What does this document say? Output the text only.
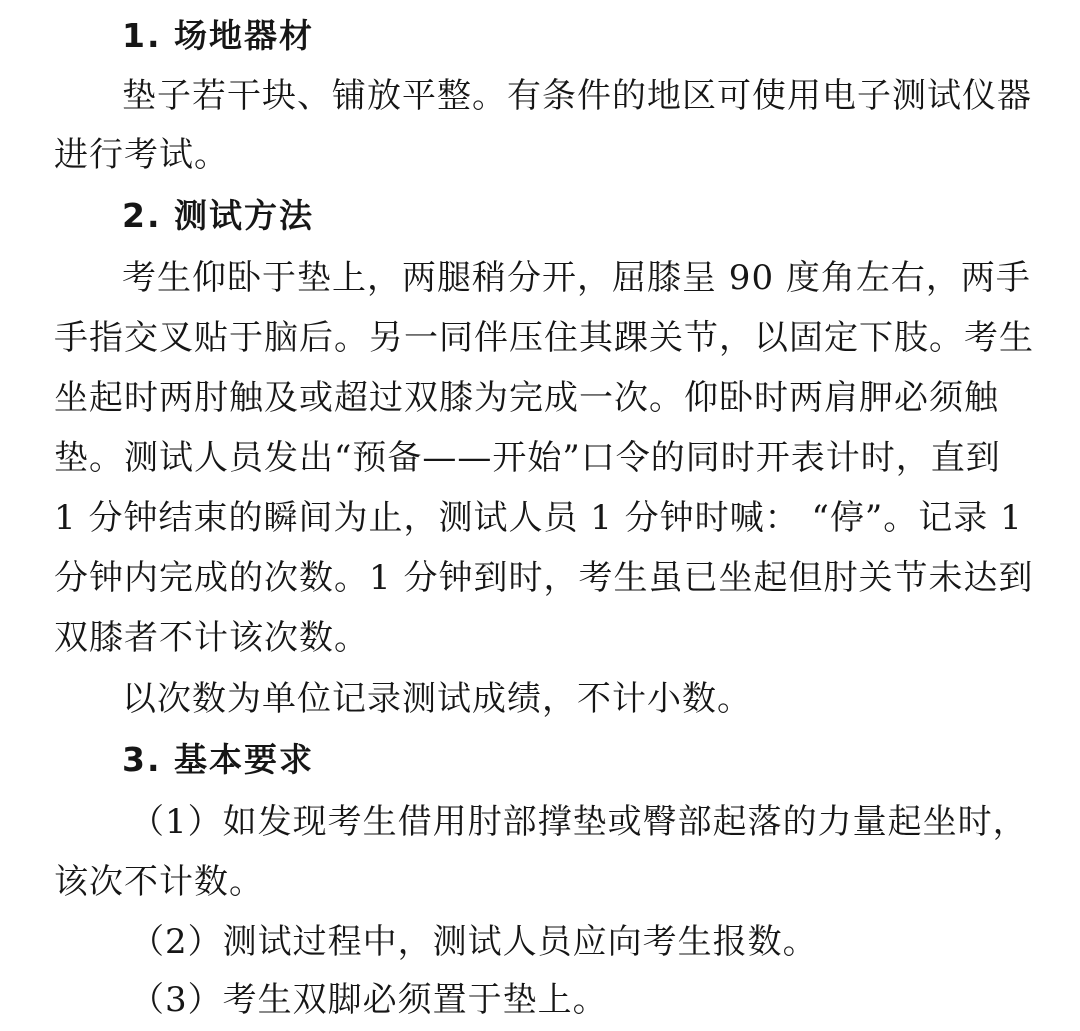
1. 场地器材
垫子若干块、铺放平整。有条件的地区可使用电子测试仪器
进行考试。
2. 测试方法
考生仰卧于垫上，两腿稍分开，屈膝呈 90 度角左右，两手
手指交叉贴于脑后。另一同伴压住其踝关节，以固定下肢。考生
坐起时两肘触及或超过双膝为完成一次。仰卧时两肩胛必须触
垫。测试人员发出“预备——开始”口令的同时开表计时，直到
1 分钟结束的瞬间为止，测试人员 1 分钟时喊： “停”。记录 1
分钟内完成的次数。1 分钟到时，考生虽已坐起但肘关节未达到
双膝者不计该次数。
以次数为单位记录测试成绩，不计小数。
3. 基本要求
（1）如发现考生借用肘部撑垫或臀部起落的力量起坐时，
该次不计数。
（2）测试过程中，测试人员应向考生报数。
（3）考生双脚必须置于垫上。
